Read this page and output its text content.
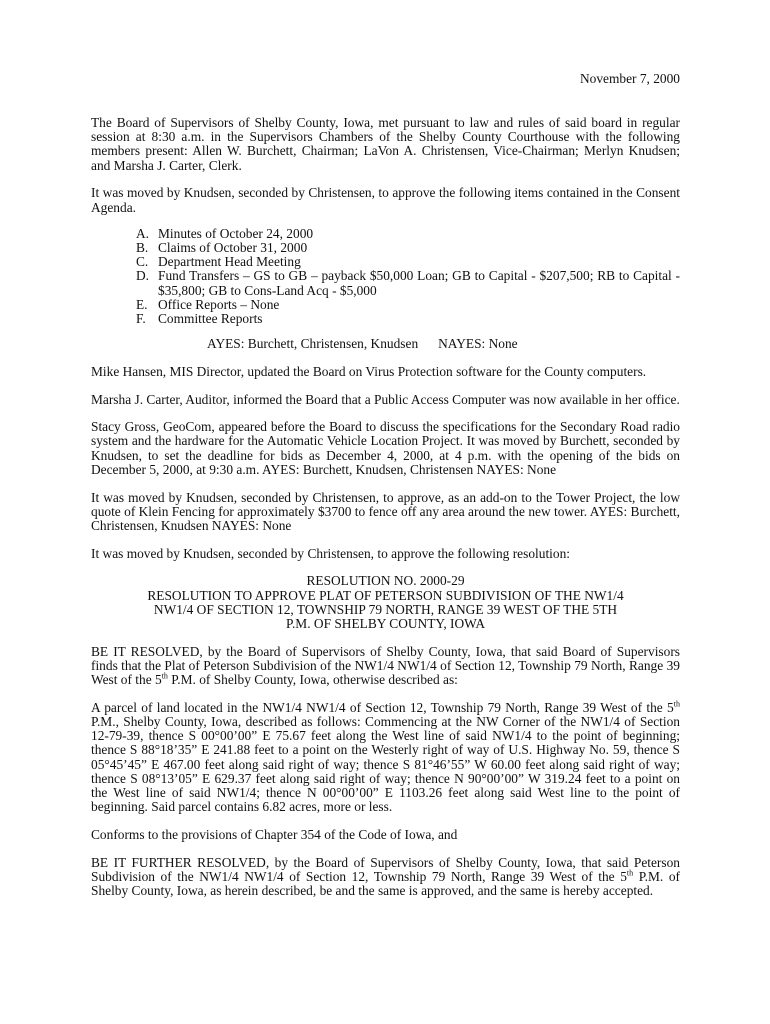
November 7, 2000

The Board of Supervisors of Shelby County, Iowa, met pursuant to law and rules of said board in regular session at 8:30 a.m. in the Supervisors Chambers of the Shelby County Courthouse with the following members present: Allen W. Burchett, Chairman; LaVon A. Christensen, Vice-Chairman; Merlyn Knudsen; and Marsha J. Carter, Clerk.

It was moved by Knudsen, seconded by Christensen, to approve the following items contained in the Consent Agenda.

A. Minutes of October 24, 2000
B. Claims of October 31, 2000
C. Department Head Meeting
D. Fund Transfers – GS to GB – payback $50,000 Loan; GB to Capital - $207,500; RB to Capital - $35,800; GB to Cons-Land Acq - $5,000
E. Office Reports – None
F. Committee Reports
AYES: Burchett, Christensen, Knudsen NAYES: None

Mike Hansen, MIS Director, updated the Board on Virus Protection software for the County computers.

Marsha J. Carter, Auditor, informed the Board that a Public Access Computer was now available in her office.

Stacy Gross, GeoCom, appeared before the Board to discuss the specifications for the Secondary Road radio system and the hardware for the Automatic Vehicle Location Project. It was moved by Burchett, seconded by Knudsen, to set the deadline for bids as December 4, 2000, at 4 p.m. with the opening of the bids on December 5, 2000, at 9:30 a.m. AYES: Burchett, Knudsen, Christensen NAYES: None

It was moved by Knudsen, seconded by Christensen, to approve, as an add-on to the Tower Project, the low quote of Klein Fencing for approximately $3700 to fence off any area around the new tower. AYES: Burchett, Christensen, Knudsen NAYES: None

It was moved by Knudsen, seconded by Christensen, to approve the following resolution:

RESOLUTION NO. 2000-29
RESOLUTION TO APPROVE PLAT OF PETERSON SUBDIVISION OF THE NW1/4
NW1/4 OF SECTION 12, TOWNSHIP 79 NORTH, RANGE 39 WEST OF THE 5TH
P.M. OF SHELBY COUNTY, IOWA

BE IT RESOLVED, by the Board of Supervisors of Shelby County, Iowa, that said Board of Supervisors finds that the Plat of Peterson Subdivision of the NW1/4 NW1/4 of Section 12, Township 79 North, Range 39 West of the 5th P.M. of Shelby County, Iowa, otherwise described as:

A parcel of land located in the NW1/4 NW1/4 of Section 12, Township 79 North, Range 39 West of the 5th P.M., Shelby County, Iowa, described as follows: Commencing at the NW Corner of the NW1/4 of Section 12-79-39, thence S 00°00’00” E 75.67 feet along the West line of said NW1/4 to the point of beginning; thence S 88°18’35” E 241.88 feet to a point on the Westerly right of way of U.S. Highway No. 59, thence S 05°45’45” E 467.00 feet along said right of way; thence S 81°46’55” W 60.00 feet along said right of way; thence S 08°13’05” E 629.37 feet along said right of way; thence N 90°00’00” W 319.24 feet to a point on the West line of said NW1/4; thence N 00°00’00” E 1103.26 feet along said West line to the point of beginning. Said parcel contains 6.82 acres, more or less.

Conforms to the provisions of Chapter 354 of the Code of Iowa, and

BE IT FURTHER RESOLVED, by the Board of Supervisors of Shelby County, Iowa, that said Peterson Subdivision of the NW1/4 NW1/4 of Section 12, Township 79 North, Range 39 West of the 5th P.M. of Shelby County, Iowa, as herein described, be and the same is approved, and the same is hereby accepted.
